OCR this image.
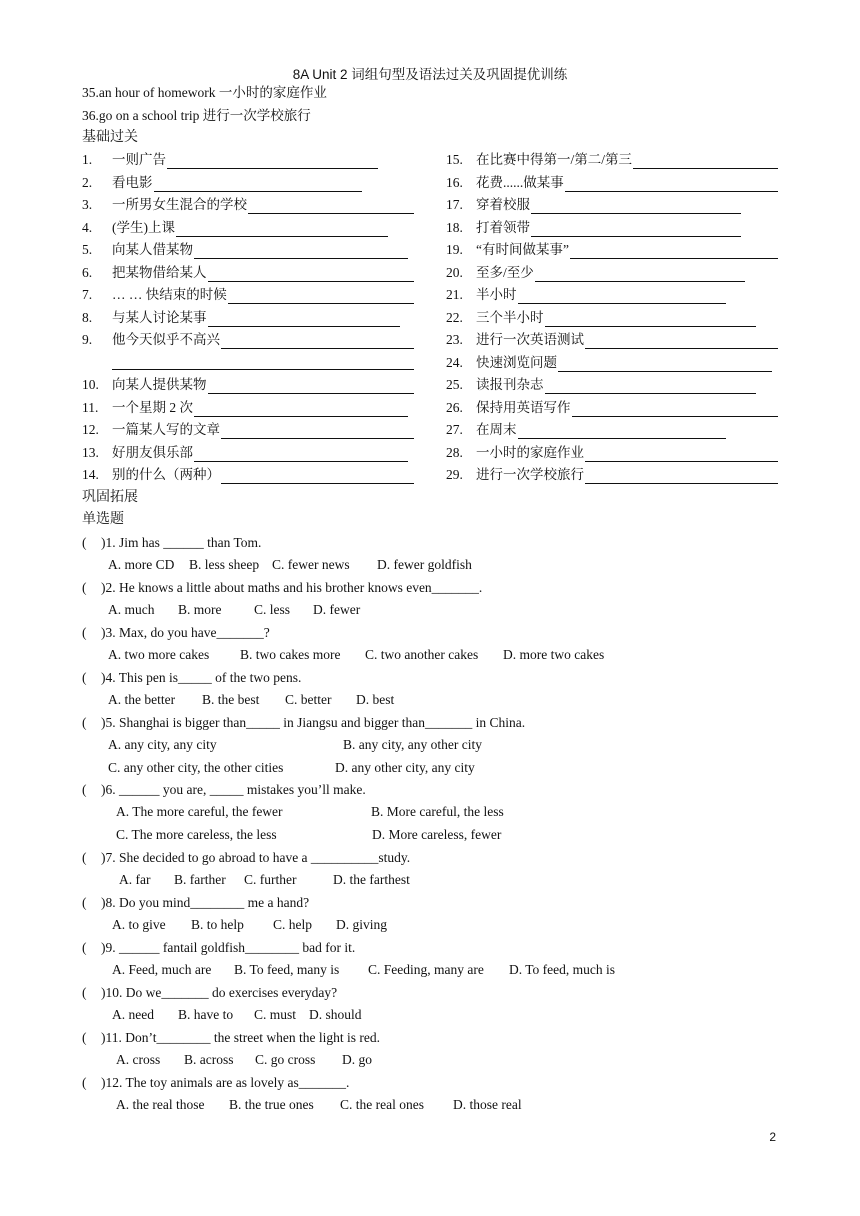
8A Unit 2 词组句型及语法过关及巩固提优训练
35.an hour of homework 一小时的家庭作业
36.go on a school trip 进行一次学校旅行
基础过关
1.	一则广告
2.	看电影
3.	一所男女生混合的学校
4.	(学生)上课
5.	向某人借某物
6.	把某物借给某人
7.	… … 快结束的时候
8.	与某人讨论某事
9.	他今天似乎不高兴
10. 向某人提供某物
11.	一个星期 2 次
12. 一篇某人写的文章
13. 好朋友俱乐部
14. 别的什么（两种）
15. 在比赛中得第一/第二/第三
16. 花费......做某事
17. 穿着校服
18. 打着领带
19. “有时间做某事”
20. 至多/至少
21. 半小时
22. 三个半小时
23. 进行一次英语测试
24. 快速浏览问题
25. 读报刊杂志
26. 保持用英语写作
27. 在周末
28. 一小时的家庭作业
29. 进行一次学校旅行
巩固拓展
单选题
( )1. Jim has ______ than Tom.
A. more CD B. less sheep C. fewer news D. fewer goldfish
( )2. He knows a little about maths and his brother knows even_______.
A. much B. more C. less D. fewer
( )3. Max, do you have_______?
A. two more cakes B. two cakes more C. two another cakes D. more two cakes
( )4. This pen is_____ of the two pens.
A. the better B. the best C. better D. best
( )5. Shanghai is bigger than_____ in Jiangsu and bigger than_______ in China.
A. any city, any city	B. any city, any other city
C. any other city, the other cities	D. any other city, any city
( )6. ______ you are, _____ mistakes you’ll make.
A. The more careful, the fewer	B. More careful, the less
C. The more careless, the less	D. More careless, fewer
( )7. She decided to go abroad to have a __________study.
A. far B. farther C. further	D. the farthest
( )8. Do you mind________ me a hand?
A. to give B. to help C. help D. giving
( )9. ______ fantail goldfish________ bad for it.
A. Feed, much are B. To feed, many is C. Feeding, many are D. To feed, much is
( )10. Do we_______ do exercises everyday?
A. need B. have to C. must D. should
( )11. Don’t________ the street when the light is red.
A. cross B. across C. go cross D. go
( )12. The toy animals are as lovely as_______.
A. the real those B. the true ones C. the real ones D. those real
2
